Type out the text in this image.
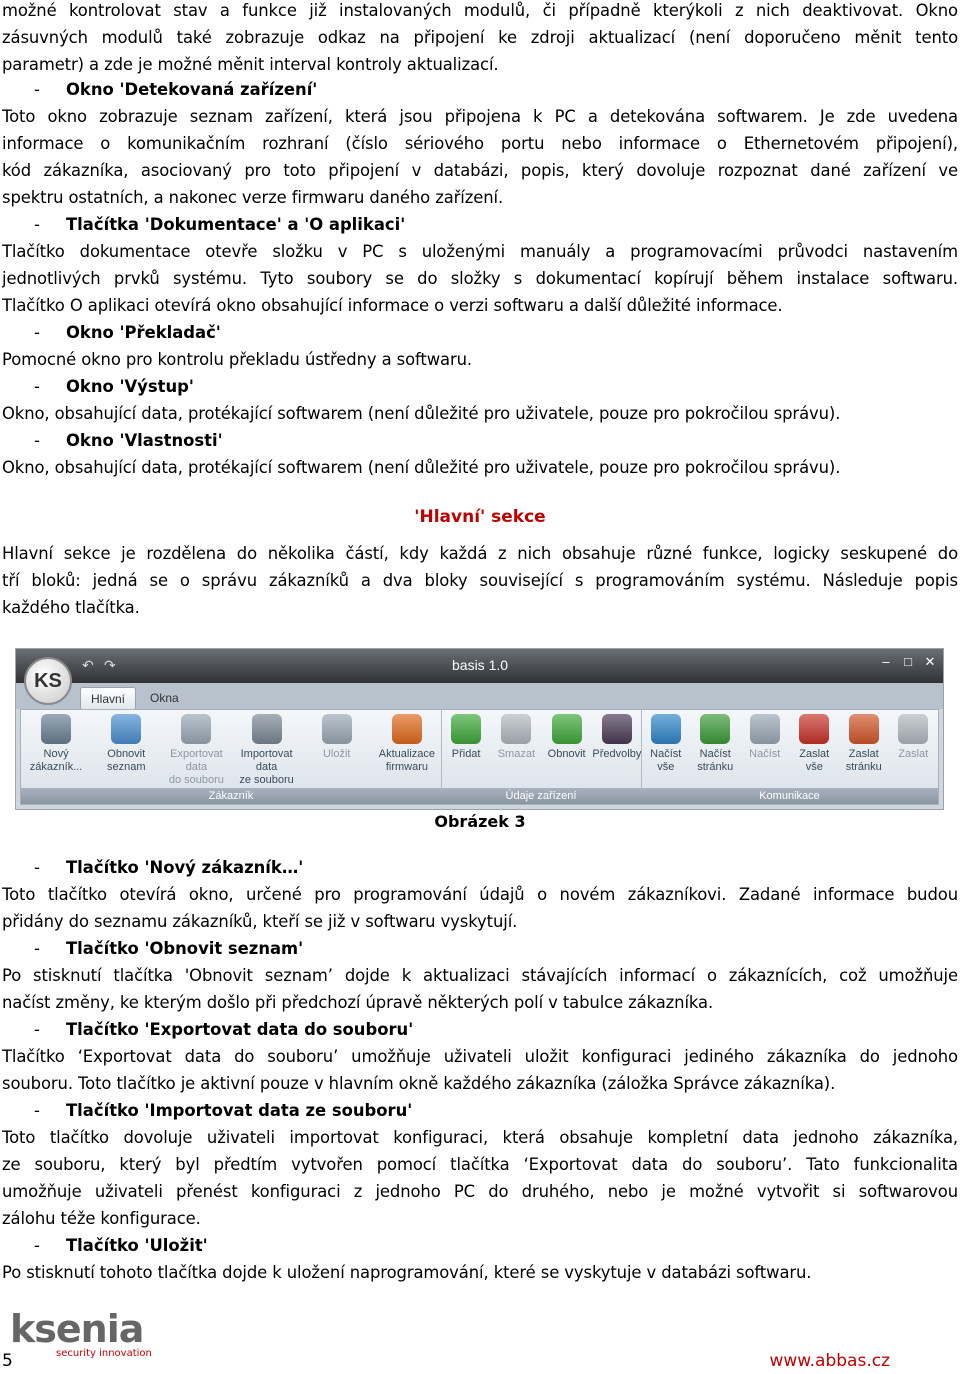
možné kontrolovat stav a funkce již instalovaných modulů, či případně kterýkoli z nich deaktivovat. Okno
zásuvných modulů také zobrazuje odkaz na připojení ke zdroji aktualizací (není doporučeno měnit tento
parametr) a zde je možné měnit interval kontroly aktualizací.
- Okno 'Detekovaná zařízení'
Toto okno zobrazuje seznam zařízení, která jsou připojena k PC a detekována softwarem. Je zde uvedena
informace o komunikačním rozhraní (číslo sériového portu nebo informace o Ethernetovém připojení),
kód zákazníka, asociovaný pro toto připojení v databázi, popis, který dovoluje rozpoznat dané zařízení ve
spektru ostatních, a nakonec verze firmwaru daného zařízení.
- Tlačítka 'Dokumentace' a 'O aplikaci'
Tlačítko dokumentace otevře složku v PC s uloženými manuály a programovacími průvodci nastavením
jednotlivých prvků systému. Tyto soubory se do složky s dokumentací kopírují během instalace softwaru.
Tlačítko O aplikaci otevírá okno obsahující informace o verzi softwaru a další důležité informace.
- Okno 'Překladač'
Pomocné okno pro kontrolu překladu ústředny a softwaru.
- Okno 'Výstup'
Okno, obsahující data, protékající softwarem (není důležité pro uživatele, pouze pro pokročilou správu).
- Okno 'Vlastnosti'
Okno, obsahující data, protékající softwarem (není důležité pro uživatele, pouze pro pokročilou správu).
'Hlavní' sekce
Hlavní sekce je rozdělena do několika částí, kdy každá z nich obsahuje různé funkce, logicky seskupené do
tří bloků: jedná se o správu zákazníků a dva bloky související s programováním systému. Následuje popis
každého tlačítka.
↶ ↷	basis 1.0	– □ ✕
KS
Hlavní	Okna
Zákazník
Nový
zákazník...
Obnovit
seznam
Exportovat data
do souboru
Importovat data
ze souboru
Uložit	Aktualizace
firmwaru
Údaje zařízení
Přidat	Smazat	Obnovit Předvolby
Komunikace
Načíst
vše
Načíst
stránku
Načíst	Zaslat
vše
Zaslat
stránku
Zaslat
Obrázek 3
- Tlačítko 'Nový zákazník…'
Toto tlačítko otevírá okno, určené pro programování údajů o novém zákazníkovi. Zadané informace budou
přidány do seznamu zákazníků, kteří se již v softwaru vyskytují.
- Tlačítko 'Obnovit seznam'
Po stisknutí tlačítka 'Obnovit seznam’ dojde k aktualizaci stávajících informací o zákaznících, což umožňuje
načíst změny, ke kterým došlo při předchozí úpravě některých polí v tabulce zákazníka.
- Tlačítko 'Exportovat data do souboru'
Tlačítko ‘Exportovat data do souboru’ umožňuje uživateli uložit konfiguraci jediného zákazníka do jednoho
souboru. Toto tlačítko je aktivní pouze v hlavním okně každého zákazníka (záložka Správce zákazníka).
- Tlačítko 'Importovat data ze souboru'
Toto tlačítko dovoluje uživateli importovat konfiguraci, která obsahuje kompletní data jednoho zákazníka,
ze souboru, který byl předtím vytvořen pomocí tlačítka ‘Exportovat data do souboru’. Tato funkcionalita
umožňuje uživateli přenést konfiguraci z jednoho PC do druhého, nebo je možné vytvořit si softwarovou
zálohu téže konfigurace.
- Tlačítko 'Uložit'
Po stisknutí tohoto tlačítka dojde k uložení naprogramování, které se vyskytuje v databázi softwaru.
ksenia
security innovation
5	www.abbas.cz
